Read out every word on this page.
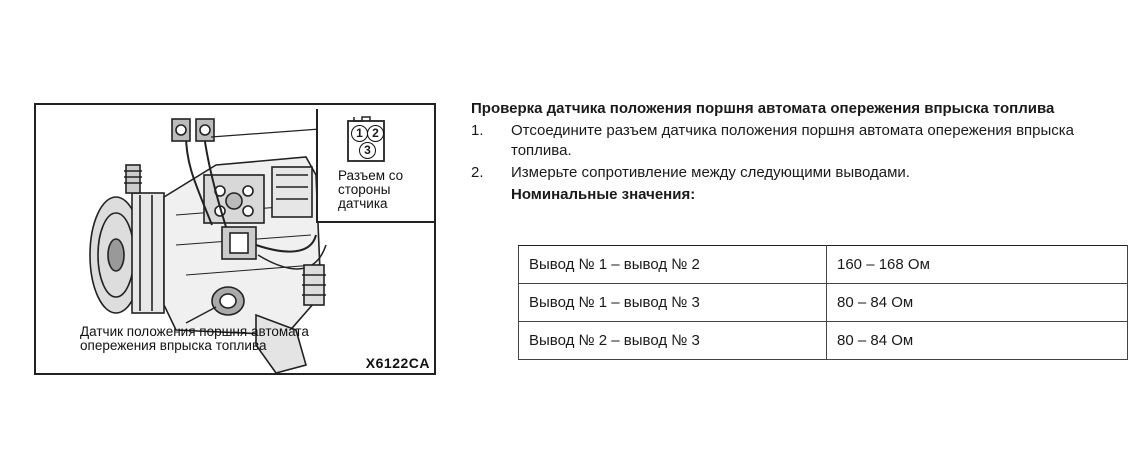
1 2
3
Разъем со стороны датчика
Датчик положения поршня автомата опережения впрыска топлива
X6122CA

Проверка датчика положения поршня автомата опережения впрыска топлива

1. Отсоедините разъем датчика положения поршня автомата опережения впрыска топлива.
2. Измерьте сопротивление между следующими выводами.
Номинальные значения:
Вывод № 1 – вывод № 2	160 – 168 Ом
Вывод № 1 – вывод № 3	80 – 84 Ом
Вывод № 2 – вывод № 3	80 – 84 Ом
